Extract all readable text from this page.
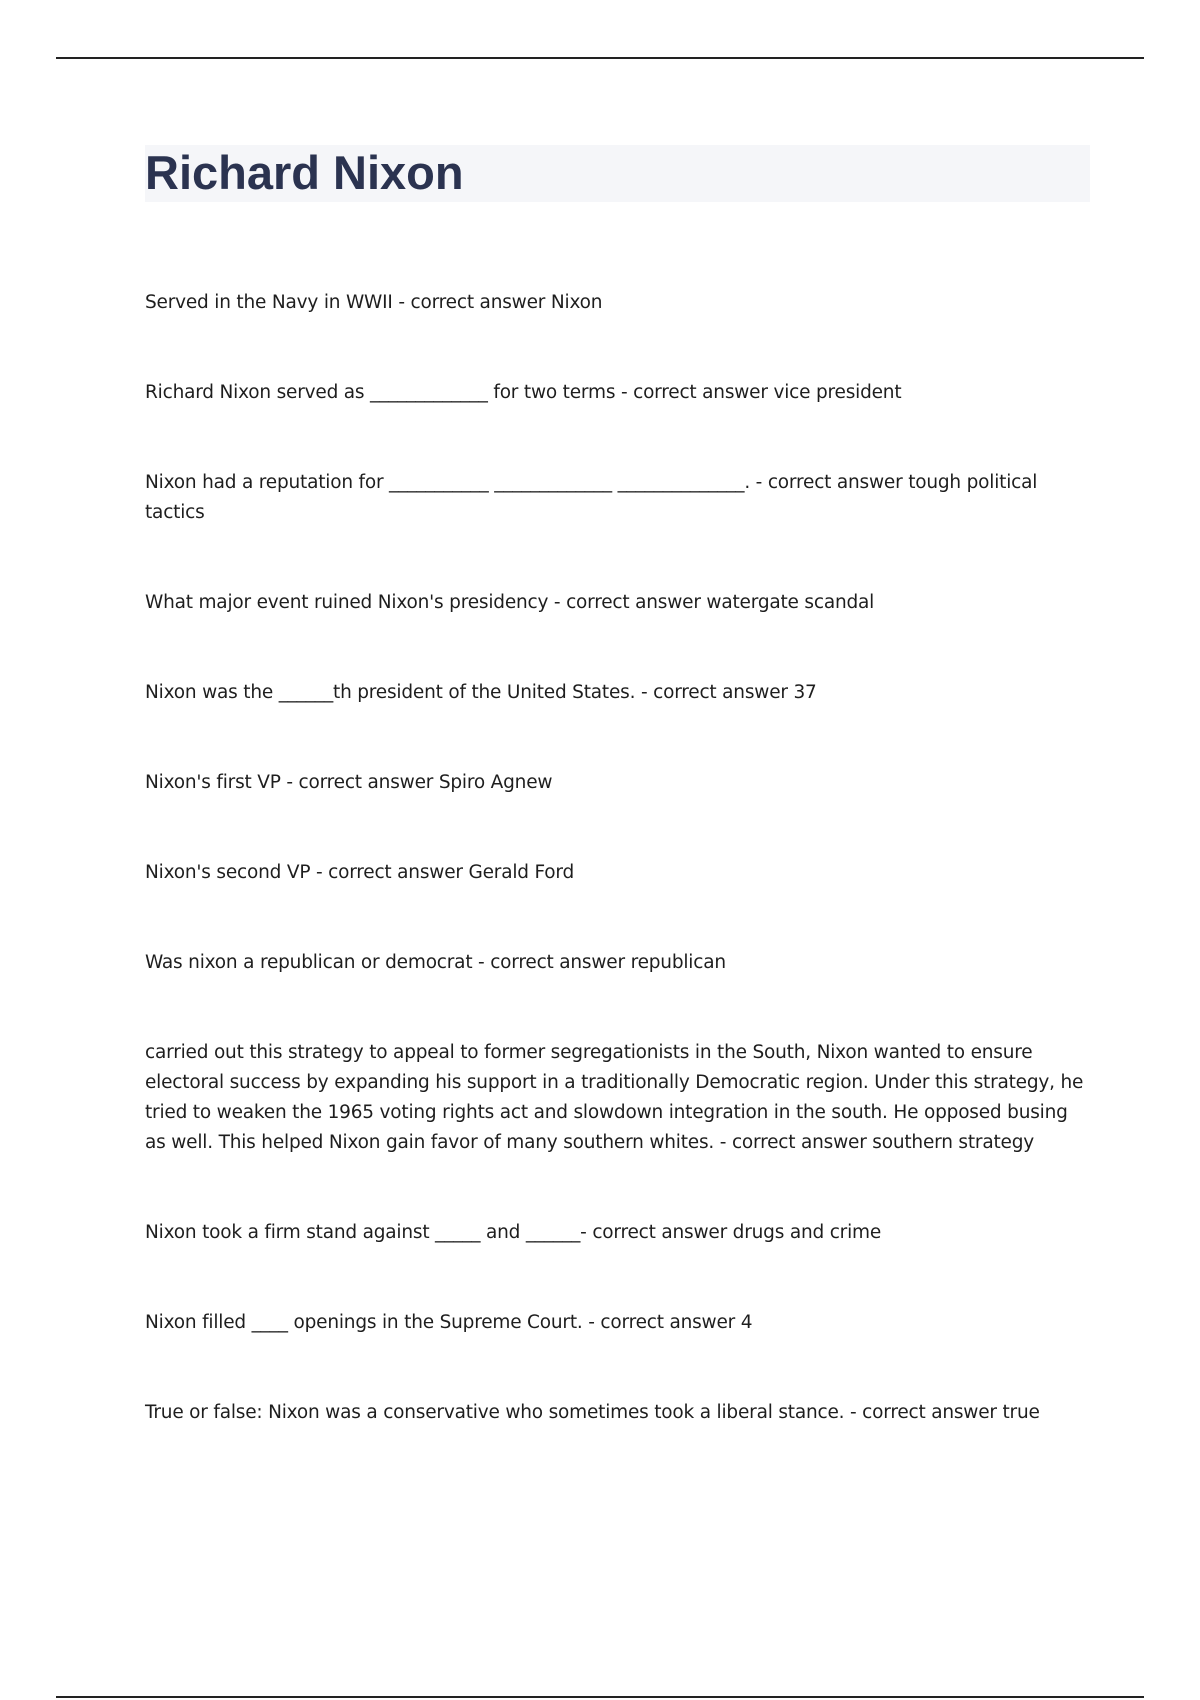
Richard Nixon
Served in the Navy in WWII - correct answer Nixon
Richard Nixon served as _____________ for two terms - correct answer vice president
Nixon had a reputation for ___________ _____________ ______________. - correct answer tough political tactics
What major event ruined Nixon's presidency - correct answer watergate scandal
Nixon was the ______th president of the United States. - correct answer 37
Nixon's first VP - correct answer Spiro Agnew
Nixon's second VP - correct answer Gerald Ford
Was nixon a republican or democrat - correct answer republican
carried out this strategy to appeal to former segregationists in the South, Nixon wanted to ensure electoral success by expanding his support in a traditionally Democratic region. Under this strategy, he tried to weaken the 1965 voting rights act and slowdown integration in the south. He opposed busing as well. This helped Nixon gain favor of many southern whites. - correct answer southern strategy
Nixon took a firm stand against _____ and ______- correct answer drugs and crime
Nixon filled ____ openings in the Supreme Court. - correct answer 4
True or false: Nixon was a conservative who sometimes took a liberal stance. - correct answer true
